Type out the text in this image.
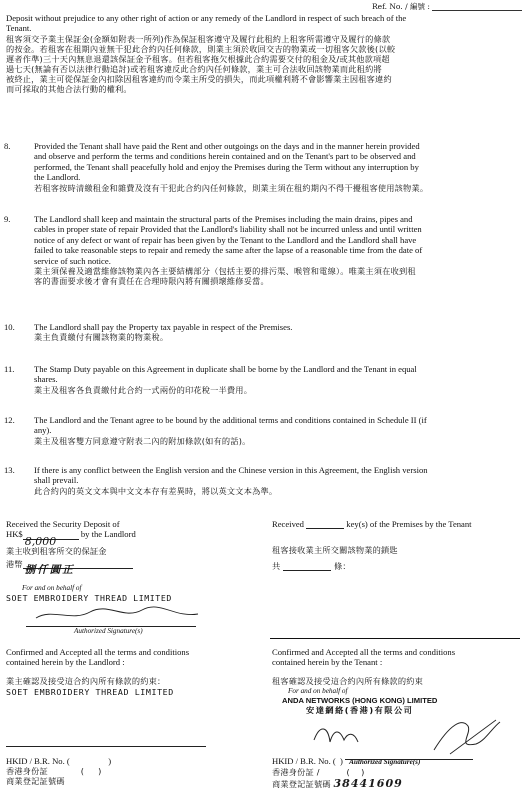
Ref. No. / 編號 :
Deposit without prejudice to any other right of action or any remedy of the Landlord in respect of such breach of the
Tenant.
租客須交予業主保証金(金額如附表一所列)作為保証租客遵守及履行此租約上租客所需遵守及履行的條款
的按金。若租客在租期內並無干犯此合約內任何條款，則業主須於收回交吉的物業或一切租客欠款後(以較
遲者作準)三十天內無息退還該保証金予租客。但若租客拖欠根據此合約需要交付的租金及/或其他款項超
過七天(無論有否以法律行動追討)或若租客違反此合約內任何條款，業主可合法收回該物業而此租約將
被終止，業主可從保証金內扣除因租客違約而令業主所受的損失，而此項權利將不會影響業主因租客違約
而可採取的其他合法行動的權利。
8.	Provided the Tenant shall have paid the Rent and other outgoings on the days and in the manner herein provided
and observe and perform the terms and conditions herein contained and on the Tenant's part to be observed and
performed, the Tenant shall peacefully hold and enjoy the Premises during the Term without any interruption by
the Landlord.
若租客按時清繳租金和雜費及沒有干犯此合約內任何條款，則業主須在租約期內不得干擾租客使用該物業。
9.	The Landlord shall keep and maintain the structural parts of the Premises including the main drains, pipes and
cables in proper state of repair Provided that the Landlord's liability shall not be incurred unless and until written
notice of any defect or want of repair has been given by the Tenant to the Landlord and the Landlord shall have
failed to take reasonable steps to repair and remedy the same after the lapse of a reasonable time from the date of
service of such notice.
業主須保養及適當維修該物業內各主要結構部分（包括主要的排污渠、喉管和電線）。唯業主須在收到租
客的書面要求後才會有責任在合理時限內將有關損壞維修妥當。
10.	The Landlord shall pay the Property tax payable in respect of the Premises.
業主負責繳付有關該物業的物業稅。
11.	The Stamp Duty payable on this Agreement in duplicate shall be borne by the Landlord and the Tenant in equal
shares.
業主及租客各負責繳付此合約一式兩份的印花稅一半費用。
12.	The Landlord and the Tenant agree to be bound by the additional terms and conditions contained in Schedule II (if
any).
業主及租客雙方同意遵守附表二內的附加條款(如有的話)。
13.	If there is any conflict between the English version and the Chinese version in this Agreement, the English version
shall prevail.
此合約內的英文文本與中文文本存有差異時，將以英文文本為準。
Received the Security Deposit of
HK$
8,000
by the Landlord
業主收到租客所交的保証金
港幣 捌仟圓正
Received	key(s) of the Premises by the Tenant
租客接收業主所交關該物業的鎖匙
共	條：
For and on behalf of
SOET EMBROIDERY THREAD LIMITED
Authorized Signature(s)
Confirmed and Accepted all the terms and conditions
contained herein by the Landlord :
業主確認及接受這合約內所有條款的約束：
SOET EMBROIDERY THREAD LIMITED
Confirmed and Accepted all the terms and conditions
contained herein by the Tenant :
租客確認及接受這合約內所有條款的約束
For and on behalf of
ANDA NETWORKS (HONG KONG) LIMITED
安達網絡(香港)有限公司
HKID / B.R. No. (   )
香港身份証	(     )
商業登記証號碼
HKID / B.R. No. (  ) Authorized Signature(s)
香港身份証 /	(    )
商業登記証號碼 38441609
